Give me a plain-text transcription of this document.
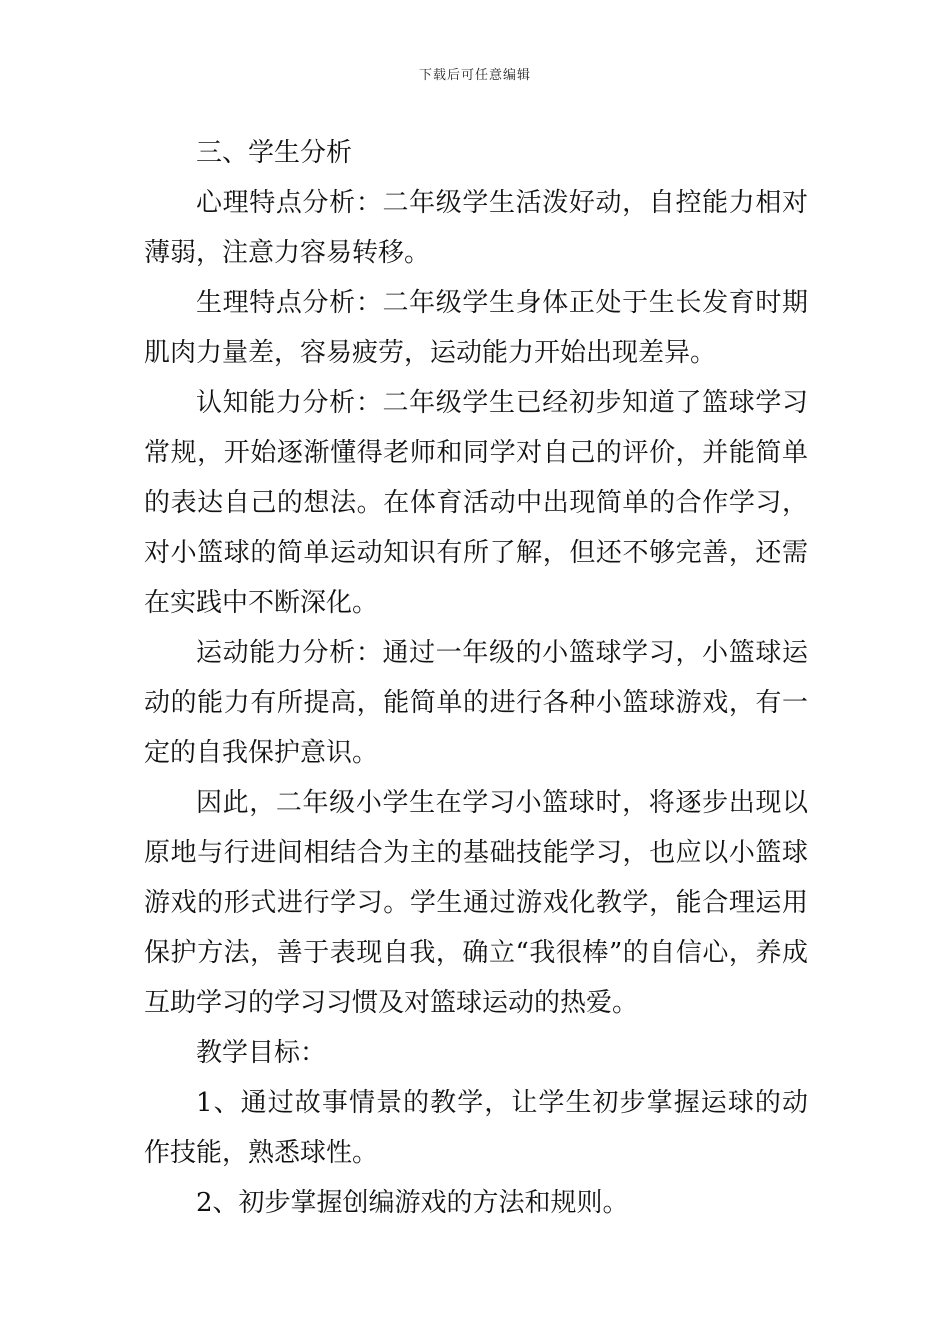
下载后可任意编辑

三、学生分析

心理特点分析：二年级学生活泼好动，自控能力相对薄弱，注意力容易转移。

生理特点分析：二年级学生身体正处于生长发育时期肌肉力量差，容易疲劳，运动能力开始出现差异。

认知能力分析：二年级学生已经初步知道了篮球学习常规，开始逐渐懂得老师和同学对自己的评价，并能简单的表达自己的想法。在体育活动中出现简单的合作学习，对小篮球的简单运动知识有所了解，但还不够完善，还需在实践中不断深化。

运动能力分析：通过一年级的小篮球学习，小篮球运动的能力有所提高，能简单的进行各种小篮球游戏，有一定的自我保护意识。

因此，二年级小学生在学习小篮球时，将逐步出现以原地与行进间相结合为主的基础技能学习，也应以小篮球游戏的形式进行学习。学生通过游戏化教学，能合理运用保护方法，善于表现自我，确立“我很棒”的自信心，养成互助学习的学习习惯及对篮球运动的热爱。

教学目标：

1、通过故事情景的教学，让学生初步掌握运球的动作技能，熟悉球性。

2、初步掌握创编游戏的方法和规则。
